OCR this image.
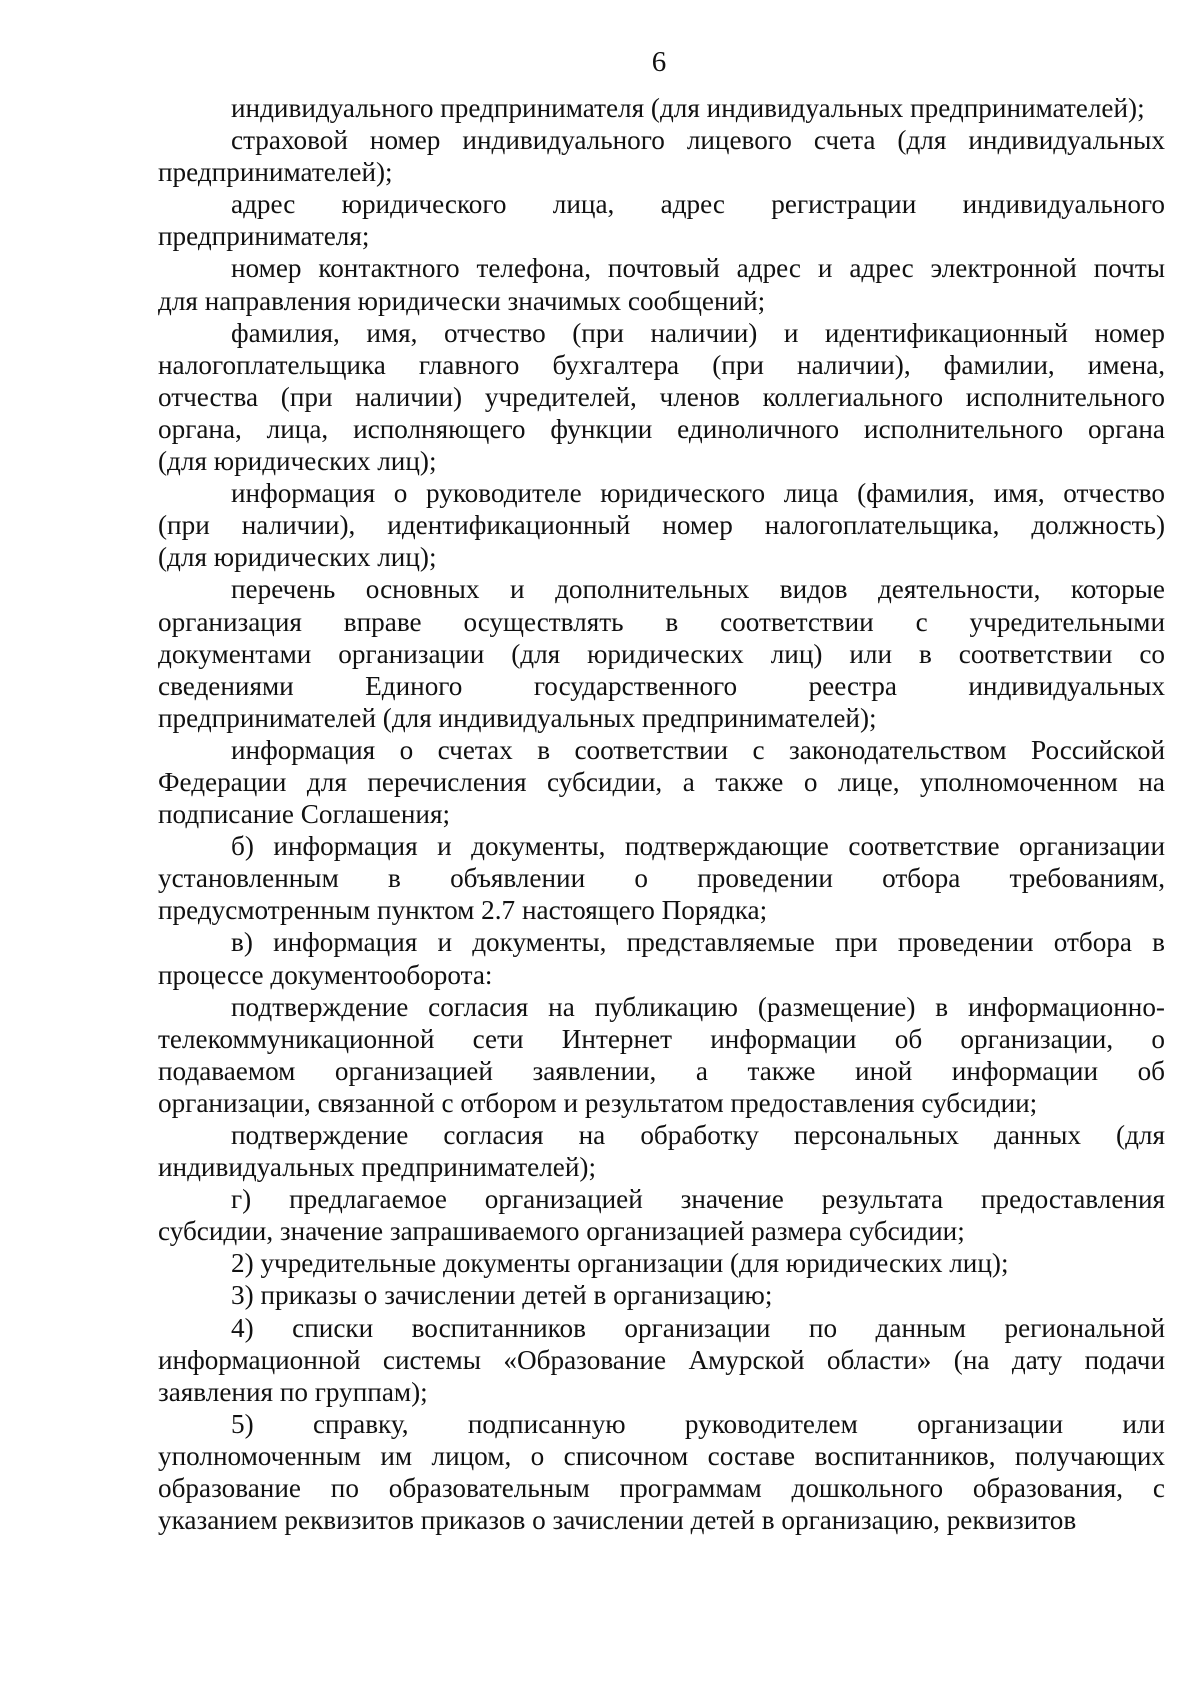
6
индивидуального предпринимателя (для индивидуальных предпринимателей);
страховой номер индивидуального лицевого счета (для индивидуальных
предпринимателей);
адрес юридического лица, адрес регистрации индивидуального
предпринимателя;
номер контактного телефона, почтовый адрес и адрес электронной почты
для направления юридически значимых сообщений;
фамилия, имя, отчество (при наличии) и идентификационный номер
налогоплательщика главного бухгалтера (при наличии), фамилии, имена,
отчества (при наличии) учредителей, членов коллегиального исполнительного
органа, лица, исполняющего функции единоличного исполнительного органа
(для юридических лиц);
информация о руководителе юридического лица (фамилия, имя, отчество
(при наличии), идентификационный номер налогоплательщика, должность)
(для юридических лиц);
перечень основных и дополнительных видов деятельности, которые
организация вправе осуществлять в соответствии с учредительными
документами организации (для юридических лиц) или в соответствии со
сведениями Единого государственного реестра индивидуальных
предпринимателей (для индивидуальных предпринимателей);
информация о счетах в соответствии с законодательством Российской
Федерации для перечисления субсидии, а также о лице, уполномоченном на
подписание Соглашения;
б) информация и документы, подтверждающие соответствие организации
установленным в объявлении о проведении отбора требованиям,
предусмотренным пунктом 2.7 настоящего Порядка;
в) информация и документы, представляемые при проведении отбора в
процессе документооборота:
подтверждение согласия на публикацию (размещение) в информационно-
телекоммуникационной сети Интернет информации об организации, о
подаваемом организацией заявлении, а также иной информации об
организации, связанной с отбором и результатом предоставления субсидии;
подтверждение согласия на обработку персональных данных (для
индивидуальных предпринимателей);
г) предлагаемое организацией значение результата предоставления
субсидии, значение запрашиваемого организацией размера субсидии;
2) учредительные документы организации (для юридических лиц);
3) приказы о зачислении детей в организацию;
4) списки воспитанников организации по данным региональной
информационной системы «Образование Амурской области» (на дату подачи
заявления по группам);
5) справку, подписанную руководителем организации или
уполномоченным им лицом, о списочном составе воспитанников, получающих
образование по образовательным программам дошкольного образования, с
указанием реквизитов приказов о зачислении детей в организацию, реквизитов
